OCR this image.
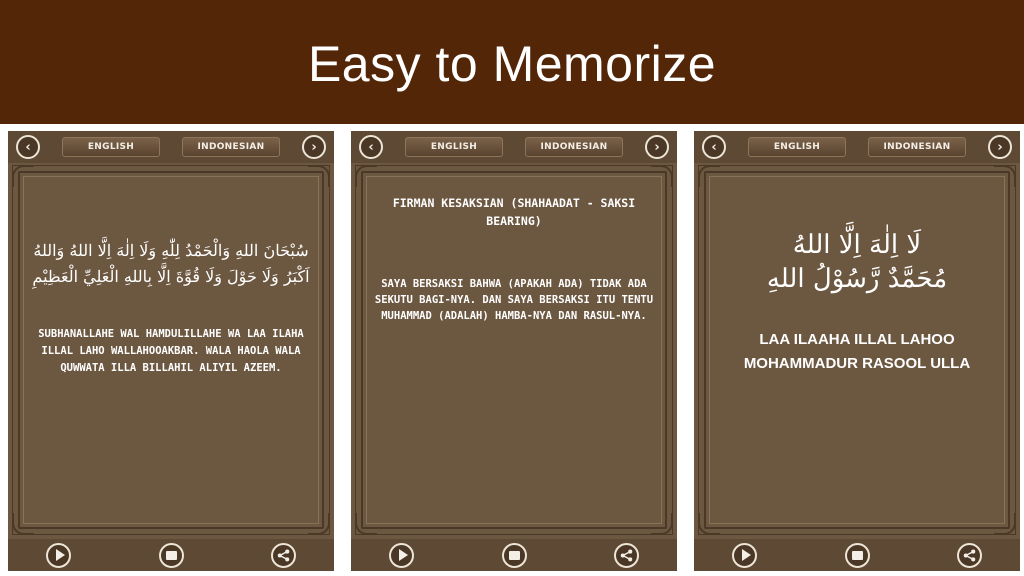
Easy to Memorize
‹	ENGLISH	INDONESIAN	›
سُبْحَانَ اللهِ وَالْحَمْدُ لِلّٰهِ وَلَا اِلٰهَ اِلَّا اللهُ وَاللهُ اَكْبَرُ وَلَا حَوْلَ وَلَا قُوَّةَ اِلَّا بِاللهِ الْعَلِيِّ الْعَظِيْمِ
SUBHANALLAHE WAL HAMDULILLAHE WA LAA ILAHA ILLAL LAHO WALLAHOOAKBAR. WALA HAOLA WALA QUWWATA ILLA BILLAHIL ALIYIL AZEEM.
‹	ENGLISH	INDONESIAN	›
FIRMAN KESAKSIAN (SHAHAADAT - SAKSI BEARING)
SAYA BERSAKSI BAHWA (APAKAH ADA) TIDAK ADA SEKUTU BAGI-NYA. DAN SAYA BERSAKSI ITU TENTU MUHAMMAD (ADALAH) HAMBA-NYA DAN RASUL-NYA.
‹	ENGLISH	INDONESIAN	›
لَا اِلٰهَ اِلَّا اللهُ
مُحَمَّدٌ رَّسُوْلُ اللهِ
LAA ILAAHA ILLAL LAHOO
MOHAMMADUR RASOOL ULLA
